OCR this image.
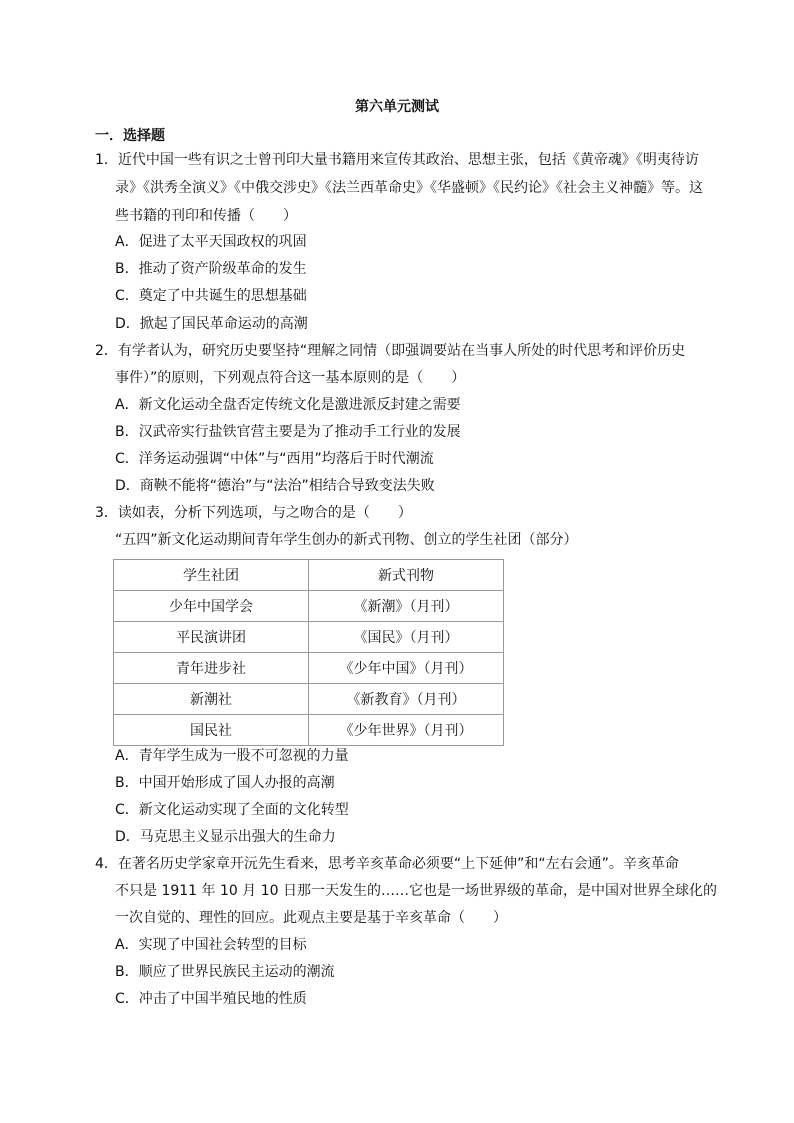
第六单元测试
一．选择题
1．近代中国一些有识之士曾刊印大量书籍用来宣传其政治、思想主张，包括《黄帝魂》《明夷待访
录》《洪秀全演义》《中俄交涉史》《法兰西革命史》《华盛顿》《民约论》《社会主义神髓》等。这
些书籍的刊印和传播（　　）
A．促进了太平天国政权的巩固
B．推动了资产阶级革命的发生
C．奠定了中共诞生的思想基础
D．掀起了国民革命运动的高潮
2．有学者认为，研究历史要坚持“理解之同情（即强调要站在当事人所处的时代思考和评价历史
事件）”的原则，下列观点符合这一基本原则的是（　　）
A．新文化运动全盘否定传统文化是激进派反封建之需要
B．汉武帝实行盐铁官营主要是为了推动手工行业的发展
C．洋务运动强调“中体”与“西用”均落后于时代潮流
D．商鞅不能将“德治”与“法治”相结合导致变法失败
3．读如表，分析下列选项，与之吻合的是（　　）
“五四”新文化运动期间青年学生创办的新式刊物、创立的学生社团（部分）
学生社团	新式刊物
少年中国学会	《新潮》（月刊）
平民演讲团	《国民》（月刊）
青年进步社	《少年中国》（月刊）
新潮社	《新教育》（月刊）
国民社	《少年世界》（月刊）
A．青年学生成为一股不可忽视的力量
B．中国开始形成了国人办报的高潮
C．新文化运动实现了全面的文化转型
D．马克思主义显示出强大的生命力
4．在著名历史学家章开沅先生看来，思考辛亥革命必须要“上下延伸”和“左右会通”。辛亥革命
不只是 1911 年 10 月 10 日那一天发生的……它也是一场世界级的革命，是中国对世界全球化的
一次自觉的、理性的回应。此观点主要是基于辛亥革命（　　）
A．实现了中国社会转型的目标
B．顺应了世界民族民主运动的潮流
C．冲击了中国半殖民地的性质
